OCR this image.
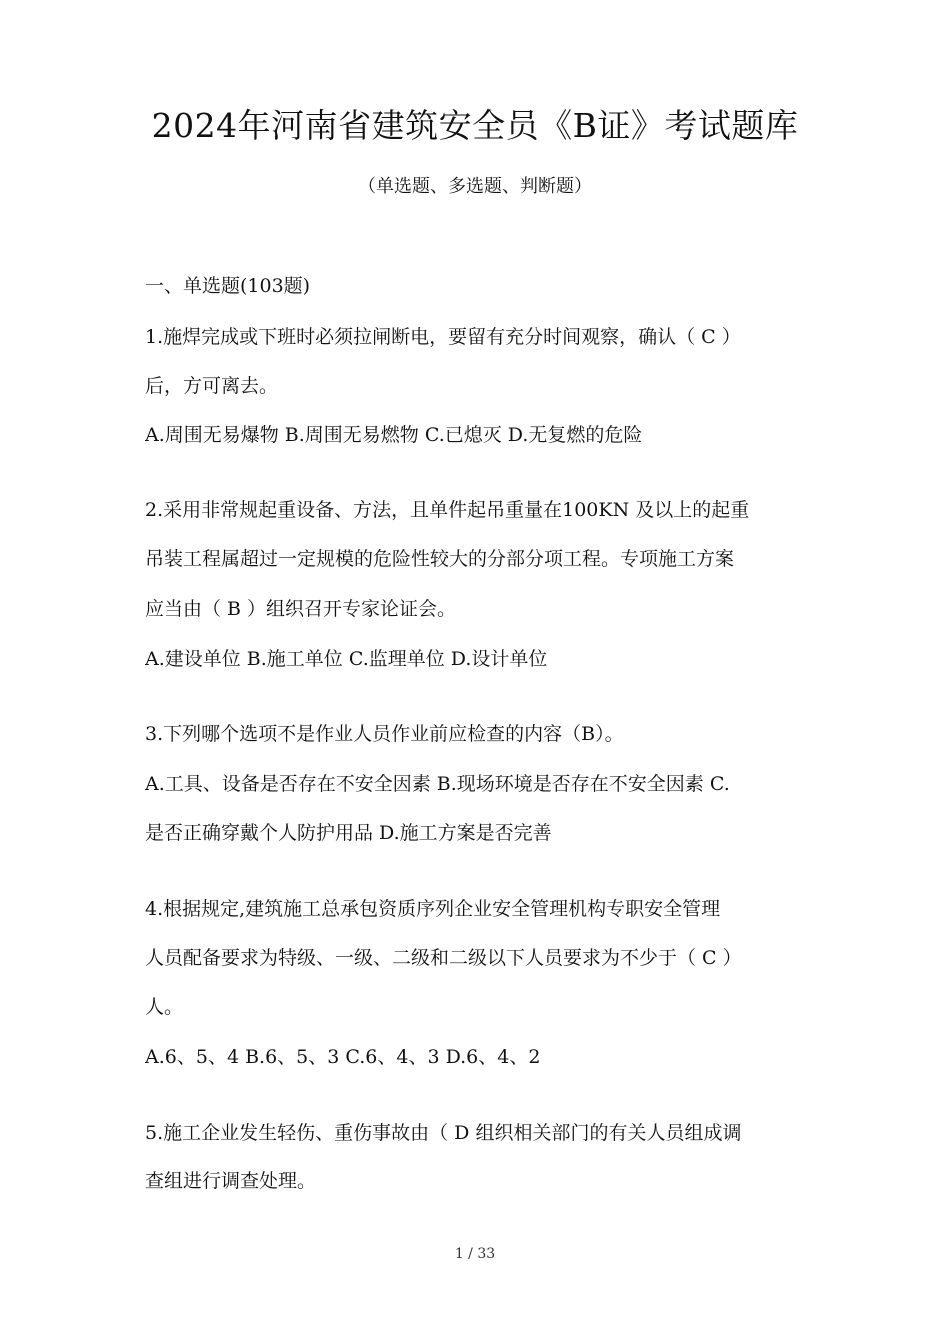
2024年河南省建筑安全员《B证》考试题库
（单选题、多选题、判断题）
一、单选题(103题)
1.施焊完成或下班时必须拉闸断电，要留有充分时间观察，确认（ C ）
后，方可离去。
A.周围无易爆物 B.周围无易燃物 C.已熄灭 D.无复燃的危险
2.采用非常规起重设备、方法，且单件起吊重量在100KN 及以上的起重
吊装工程属超过一定规模的危险性较大的分部分项工程。专项施工方案
应当由（ B ）组织召开专家论证会。
A.建设单位 B.施工单位 C.监理单位 D.设计单位
3.下列哪个选项不是作业人员作业前应检查的内容（B）。
A.工具、设备是否存在不安全因素 B.现场环境是否存在不安全因素 C.
是否正确穿戴个人防护用品 D.施工方案是否完善
4.根据规定,建筑施工总承包资质序列企业安全管理机构专职安全管理
人员配备要求为特级、一级、二级和二级以下人员要求为不少于（ C ）
人。
A.6、5、4 B.6、5、3 C.6、4、3 D.6、4、2
5.施工企业发生轻伤、重伤事故由（ D 组织相关部门的有关人员组成调
查组进行调查处理。
1 / 33
